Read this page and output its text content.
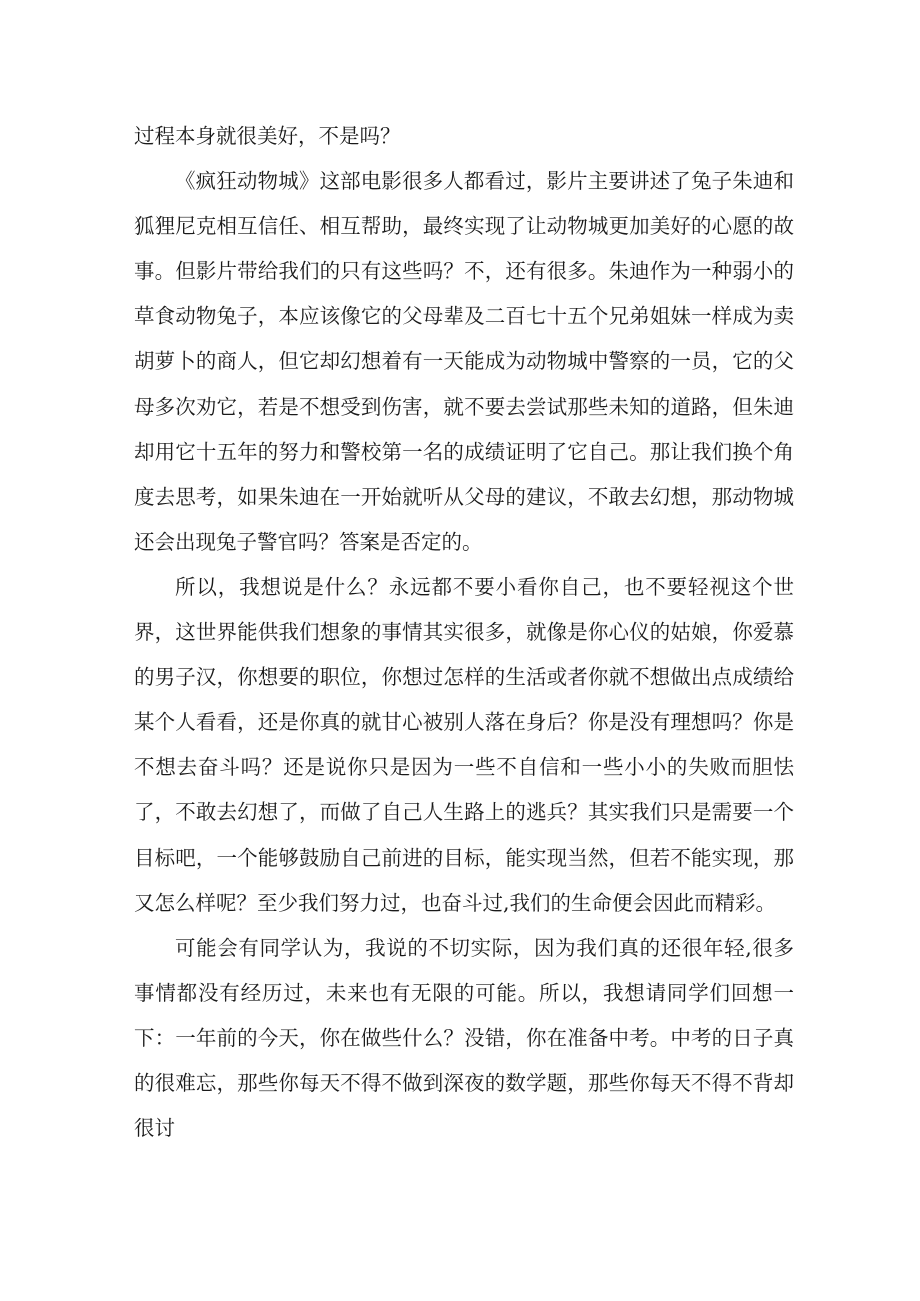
过程本身就很美好，不是吗？

《疯狂动物城》这部电影很多人都看过，影片主要讲述了兔子朱迪和狐狸尼克相互信任、相互帮助，最终实现了让动物城更加美好的心愿的故事。但影片带给我们的只有这些吗？不，还有很多。朱迪作为一种弱小的草食动物兔子，本应该像它的父母辈及二百七十五个兄弟姐妹一样成为卖胡萝卜的商人，但它却幻想着有一天能成为动物城中警察的一员，它的父母多次劝它，若是不想受到伤害，就不要去尝试那些未知的道路，但朱迪却用它十五年的努力和警校第一名的成绩证明了它自己。那让我们换个角度去思考，如果朱迪在一开始就听从父母的建议，不敢去幻想，那动物城还会出现兔子警官吗？答案是否定的。

所以，我想说是什么？永远都不要小看你自己，也不要轻视这个世界，这世界能供我们想象的事情其实很多，就像是你心仪的姑娘，你爱慕的男子汉，你想要的职位，你想过怎样的生活或者你就不想做出点成绩给某个人看看，还是你真的就甘心被别人落在身后？你是没有理想吗？你是不想去奋斗吗？还是说你只是因为一些不自信和一些小小的失败而胆怯了，不敢去幻想了，而做了自己人生路上的逃兵？其实我们只是需要一个目标吧，一个能够鼓励自己前进的目标，能实现当然，但若不能实现，那又怎么样呢？至少我们努力过，也奋斗过,我们的生命便会因此而精彩。

可能会有同学认为，我说的不切实际，因为我们真的还很年轻,很多事情都没有经历过，未来也有无限的可能。所以，我想请同学们回想一下：一年前的今天，你在做些什么？没错，你在准备中考。中考的日子真的很难忘，那些你每天不得不做到深夜的数学题，那些你每天不得不背却很讨
